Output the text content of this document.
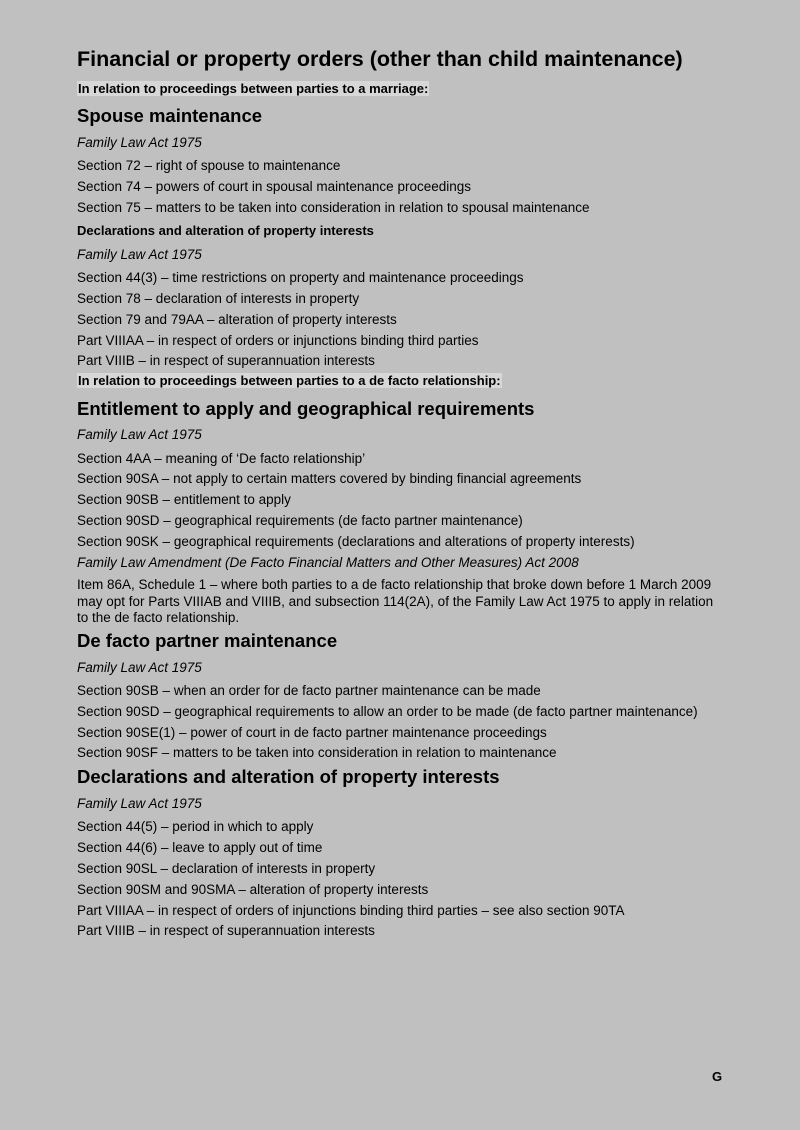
Financial or property orders (other than child maintenance)
In relation to proceedings between parties to a marriage:
Spouse maintenance
Family Law Act 1975
Section 72 – right of spouse to maintenance
Section 74 – powers of court in spousal maintenance proceedings
Section 75 – matters to be taken into consideration in relation to spousal maintenance
Declarations and alteration of property interests
Family Law Act 1975
Section 44(3) – time restrictions on property and maintenance proceedings
Section 78 – declaration of interests in property
Section 79 and 79AA – alteration of property interests
Part VIIIAA – in respect of orders or injunctions binding third parties
Part VIIIB – in respect of superannuation interests
In relation to proceedings between parties to a de facto relationship:
Entitlement to apply and geographical requirements
Family Law Act 1975
Section 4AA – meaning of ‘De facto relationship’
Section 90SA – not apply to certain matters covered by binding financial agreements
Section 90SB – entitlement to apply
Section 90SD – geographical requirements (de facto partner maintenance)
Section 90SK – geographical requirements (declarations and alterations of property interests)
Family Law Amendment (De Facto Financial Matters and Other Measures) Act 2008
Item 86A, Schedule 1 – where both parties to a de facto relationship that broke down before 1 March 2009 may opt for Parts VIIIAB and VIIIB, and subsection 114(2A), of the Family Law Act 1975 to apply in relation to the de facto relationship.
De facto partner maintenance
Family Law Act 1975
Section 90SB – when an order for de facto partner maintenance can be made
Section 90SD – geographical requirements to allow an order to be made (de facto partner maintenance)
Section 90SE(1) – power of court in de facto partner maintenance proceedings
Section 90SF – matters to be taken into consideration in relation to maintenance
Declarations and alteration of property interests
Family Law Act 1975
Section 44(5) – period in which to apply
Section 44(6) – leave to apply out of time
Section 90SL – declaration of interests in property
Section 90SM and 90SMA – alteration of property interests
Part VIIIAA – in respect of orders of injunctions binding third parties – see also section 90TA
Part VIIIB – in respect of superannuation interests
G
